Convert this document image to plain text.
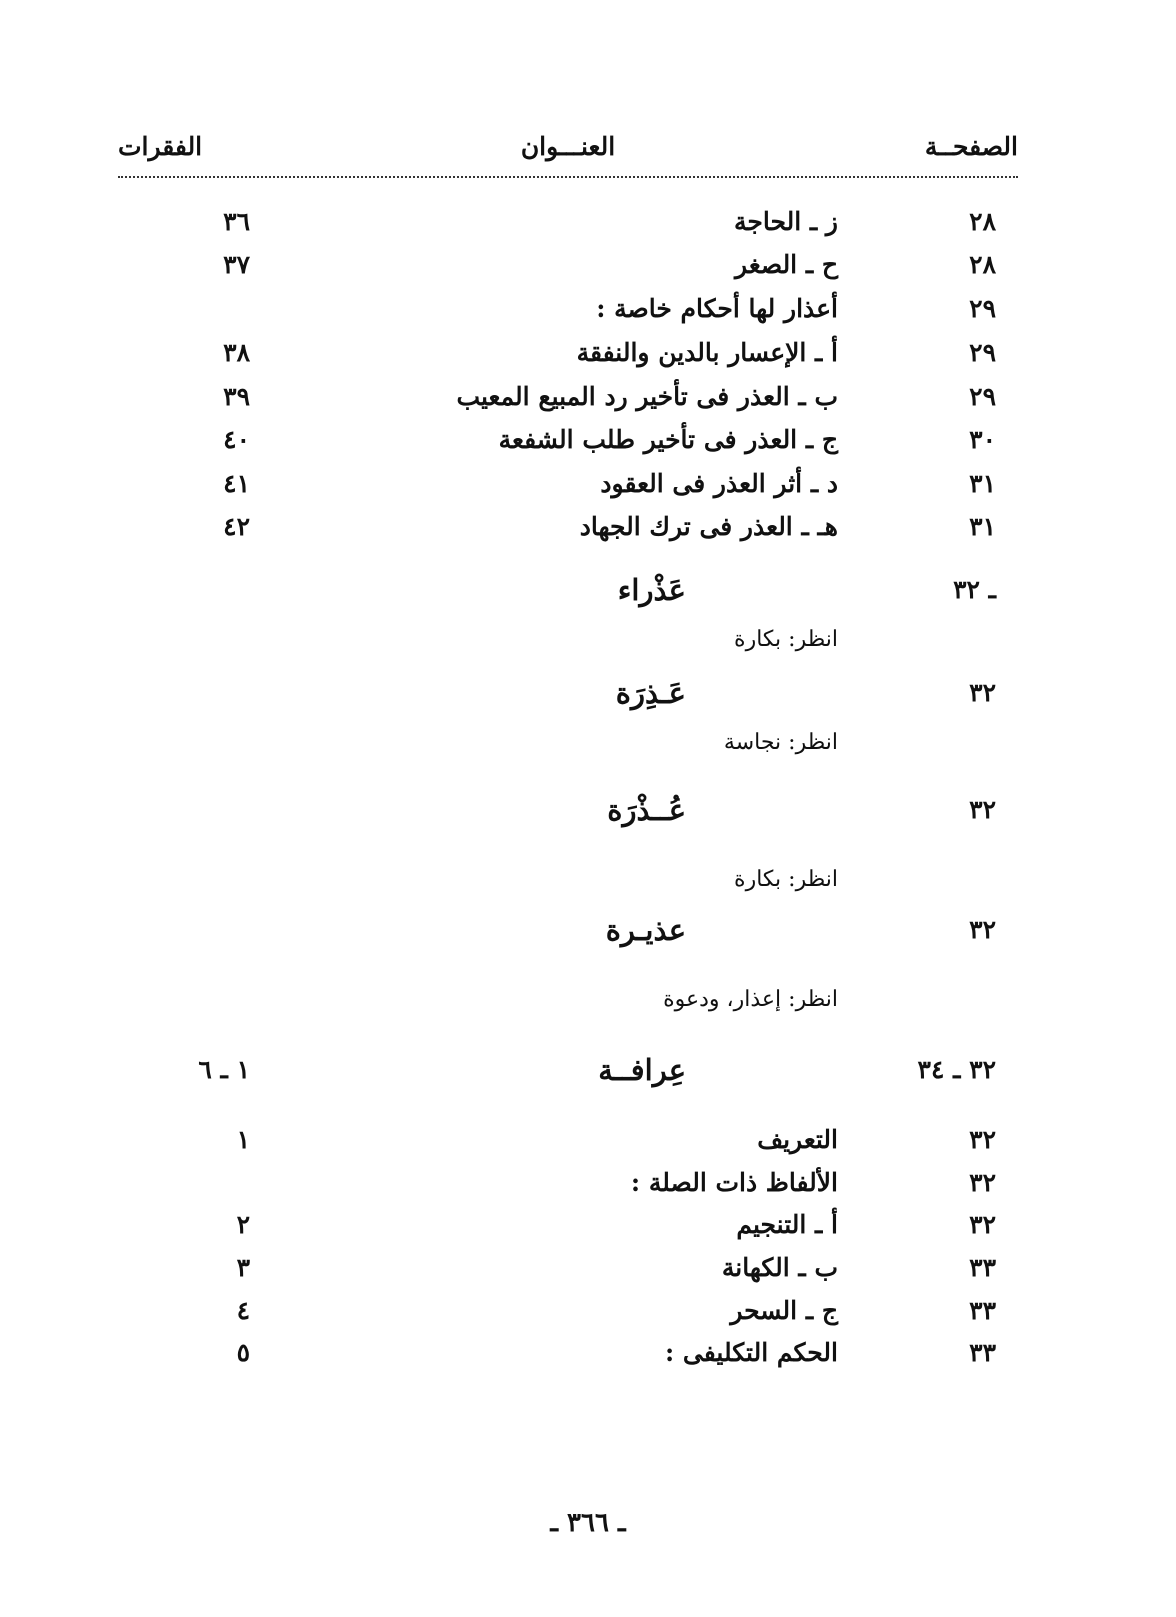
الفقرات	العنـــوان	الصفحــة
٢٨
ز ـ الحاجة
٣٦
٢٨
ح ـ الصغر
٣٧
٢٩
أعذار لها أحكام خاصة :
٢٩
أ ـ الإعسار بالدين والنفقة
٣٨
٢٩
ب ـ العذر فى تأخير رد المبيع المعيب
٣٩
٣٠
ج ـ العذر فى تأخير طلب الشفعة
٤٠
٣١
د ـ أثر العذر فى العقود
٤١
٣١
هـ ـ العذر فى ترك الجهاد
٤٢
ـ ٣٢
عَذْراء
انظر: بكارة
٣٢
عَـذِرَة
انظر: نجاسة
٣٢
عُــذْرَة
انظر: بكارة
٣٢
عذيـرة
انظر: إعذار، ودعوة
٣٢ ـ ٣٤
عِرافــة
١ ـ ٦
٣٢
التعريف
١
٣٢
الألفاظ ذات الصلة :
٣٢
أ ـ التنجيم
٢
٣٣
ب ـ الكهانة
٣
٣٣
ج ـ السحر
٤
٣٣
الحكم التكليفى :
٥
ـ ٣٦٦ ـ
